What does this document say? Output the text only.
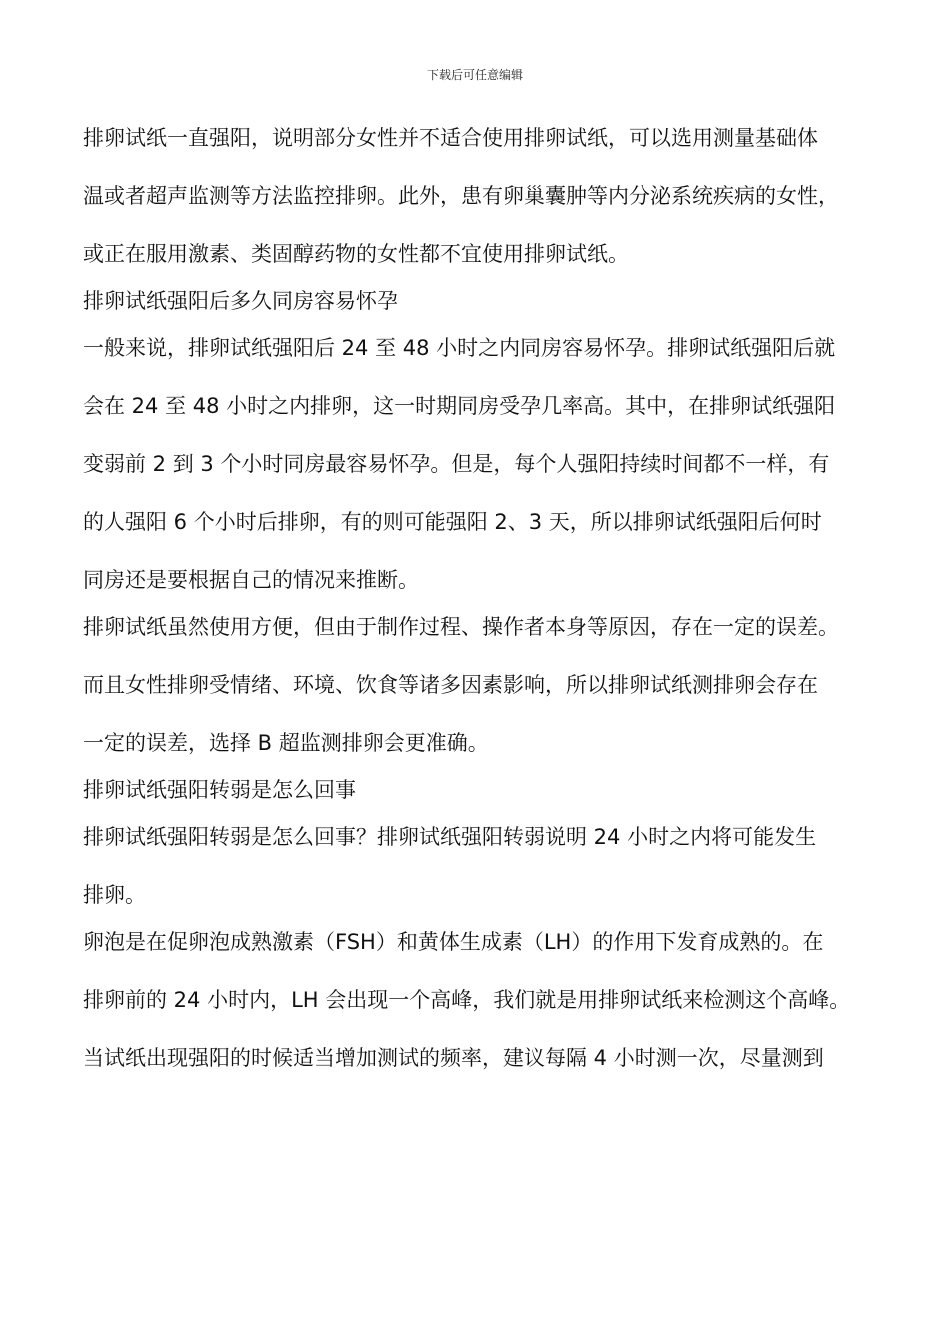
下载后可任意编辑
排卵试纸一直强阳，说明部分女性并不适合使用排卵试纸，可以选用测量基础体
温或者超声监测等方法监控排卵。此外，患有卵巢囊肿等内分泌系统疾病的女性，
或正在服用激素、类固醇药物的女性都不宜使用排卵试纸。
排卵试纸强阳后多久同房容易怀孕
一般来说，排卵试纸强阳后 24 至 48 小时之内同房容易怀孕。排卵试纸强阳后就
会在 24 至 48 小时之内排卵，这一时期同房受孕几率高。其中，在排卵试纸强阳
变弱前 2 到 3 个小时同房最容易怀孕。但是，每个人强阳持续时间都不一样，有
的人强阳 6 个小时后排卵，有的则可能强阳 2、3 天，所以排卵试纸强阳后何时
同房还是要根据自己的情况来推断。
排卵试纸虽然使用方便，但由于制作过程、操作者本身等原因，存在一定的误差。
而且女性排卵受情绪、环境、饮食等诸多因素影响，所以排卵试纸测排卵会存在
一定的误差，选择 B 超监测排卵会更准确。
排卵试纸强阳转弱是怎么回事
排卵试纸强阳转弱是怎么回事？排卵试纸强阳转弱说明 24 小时之内将可能发生
排卵。
卵泡是在促卵泡成熟激素（FSH）和黄体生成素（LH）的作用下发育成熟的。在
排卵前的 24 小时内，LH 会出现一个高峰，我们就是用排卵试纸来检测这个高峰。
当试纸出现强阳的时候适当增加测试的频率，建议每隔 4 小时测一次，尽量测到
